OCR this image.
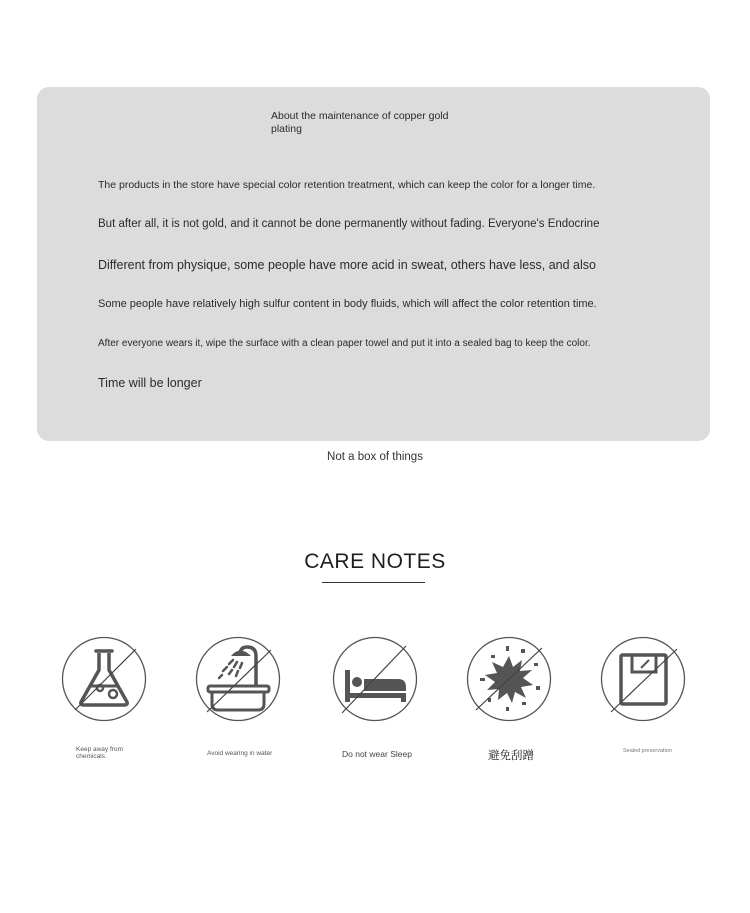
About the maintenance of copper gold plating
The products in the store have special color retention treatment, which can keep the color for a longer time.
But after all, it is not gold, and it cannot be done permanently without fading. Everyone's Endocrine
Different from physique, some people have more acid in sweat, others have less, and also
Some people have relatively high sulfur content in body fluids, which will affect the color retention time.
After everyone wears it, wipe the surface with a clean paper towel and put it into a sealed bag to keep the color.
Time will be longer
Not a box of things
CARE NOTES
Keep away from chemicals.	Avoid wearing in water	Do not wear Sleep	避免刮蹭	Sealed preservation
